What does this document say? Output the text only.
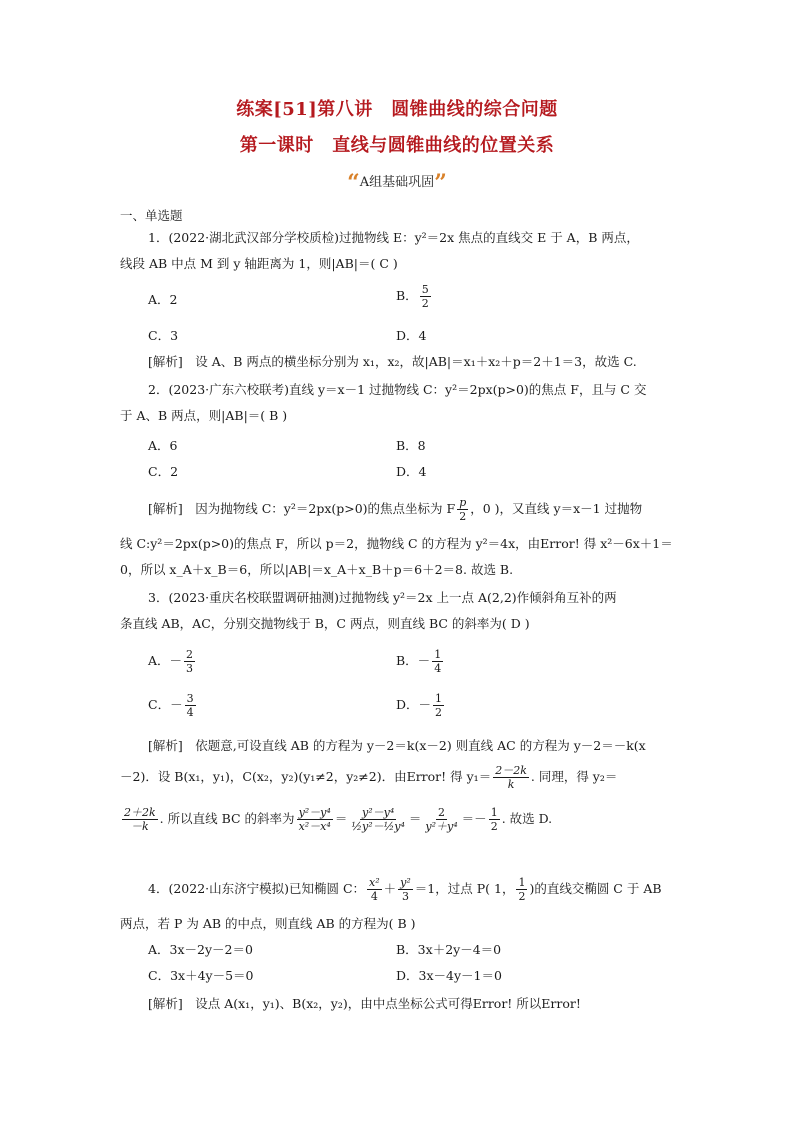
练案[51]第八讲　圆锥曲线的综合问题
第一课时　直线与圆锥曲线的位置关系
“A组基础巩固”
一、单选题
1．(2022·湖北武汉部分学校质检)过抛物线 E：y²＝2x 焦点的直线交 E 于 A，B 两点，
线段 AB 中点 M 到 y 轴距离为 1，则|AB|＝( C )
A．2	B． $\frac{5}{2}$
C．3	D．4
[解析]　设 A、B 两点的横坐标分别为 x₁，x₂，故|AB|＝x₁＋x₂＋p＝2＋1＝3，故选 C.
2．(2023·广东六校联考)直线 y＝x－1 过抛物线 C：y²＝2px(p>0)的焦点 F，且与 C 交
于 A、B 两点，则|AB|＝( B )
A．6	B．8
C．2	D．4
[解析]　因为抛物线 C：y²＝2px(p>0)的焦点坐标为 F $\frac{p}{2}$ ，0 )，又直线 y＝x－1 过抛物
线 C:y²＝2px(p>0)的焦点 F，所以 p＝2，抛物线 C 的方程为 y²＝4x，由Error! 得 x²－6x＋1＝
0，所以 x_A＋x_B＝6，所以|AB|＝x_A＋x_B＋p＝6＋2＝8. 故选 B.
3．(2023·重庆名校联盟调研抽测)过抛物线 y²＝2x 上一点 A(2,2)作倾斜角互补的两
条直线 AB，AC，分别交抛物线于 B，C 两点，则直线 BC 的斜率为( D )
A．－ $\frac{2}{3}$	B．－ $\frac{1}{4}$
C．－ $\frac{3}{4}$	D．－ $\frac{1}{2}$
[解析]　依题意,可设直线 AB 的方程为 y－2＝k(x－2) 则直线 AC 的方程为 y－2＝－k(x
－2)．设 B(x₁，y₁)，C(x₂，y₂)(y₁≠2，y₂≠2)．由Error! 得 $y_1= \frac{2-2k}{k}$ . 同理，得 y₂＝
$\frac{2+2k}{-k}$ . 所以直线 BC 的斜率为 $\frac{\text{y²－y⁴}}{\text{x²－x⁴}} = \frac{\text{y²－y⁴}}{\text{½y²－½y⁴}} = \frac{2}{\text{y²＋y⁴}} =- \frac{1}{2}$ . 故选 D.
4．(2022·山东济宁模拟)已知椭圆 C： $\frac{\text{x²}}{4} + \frac{\text{y²}}{3} =1$，过点 P( 1， $\frac{1}{2}$ )的直线交椭圆 C 于 AB
两点，若 P 为 AB 的中点，则直线 AB 的方程为( B )
A．3x－2y－2＝0	B．3x＋2y－4＝0
C．3x＋4y－5＝0	D．3x－4y－1＝0
[解析]　设点 A(x₁，y₁)、B(x₂，y₂)，由中点坐标公式可得Error! 所以Error!
